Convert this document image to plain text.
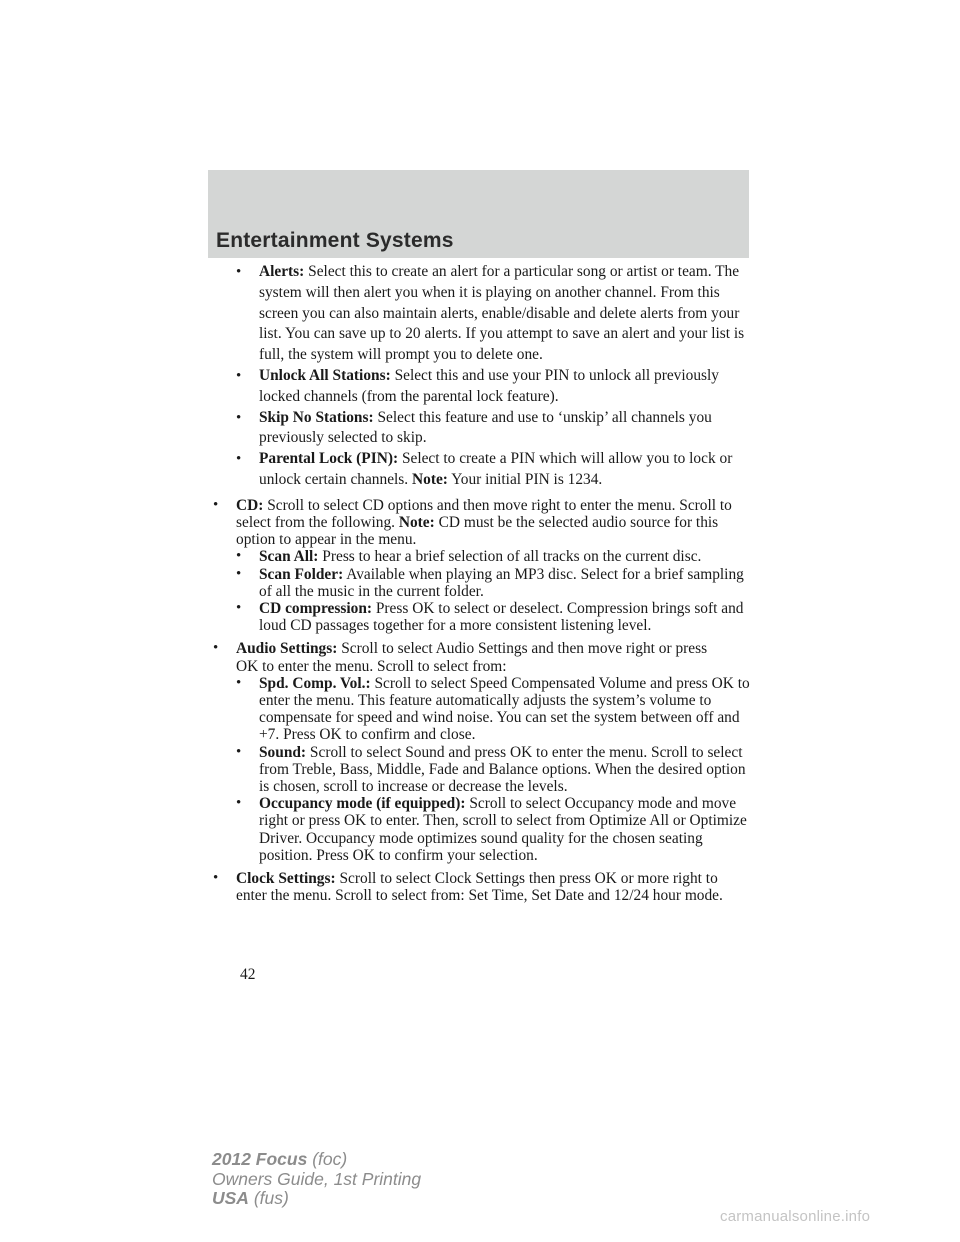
Entertainment Systems
• Alerts: Select this to create an alert for a particular song or artist or team. The system will then alert you when it is playing on another channel. From this screen you can also maintain alerts, enable/disable and delete alerts from your list. You can save up to 20 alerts. If you attempt to save an alert and your list is full, the system will prompt you to delete one.
• Unlock All Stations: Select this and use your PIN to unlock all previously locked channels (from the parental lock feature).
• Skip No Stations: Select this feature and use to ‘unskip’ all channels you previously selected to skip.
• Parental Lock (PIN): Select to create a PIN which will allow you to lock or unlock certain channels. Note: Your initial PIN is 1234.
• CD: Scroll to select CD options and then move right to enter the menu. Scroll to select from the following. Note: CD must be the selected audio source for this option to appear in the menu.
• Scan All: Press to hear a brief selection of all tracks on the current disc.
• Scan Folder: Available when playing an MP3 disc. Select for a brief sampling of all the music in the current folder.
• CD compression: Press OK to select or deselect. Compression brings soft and loud CD passages together for a more consistent listening level.
• Audio Settings: Scroll to select Audio Settings and then move right or press OK to enter the menu. Scroll to select from:
• Spd. Comp. Vol.: Scroll to select Speed Compensated Volume and press OK to enter the menu. This feature automatically adjusts the system’s volume to compensate for speed and wind noise. You can set the system between off and +7. Press OK to confirm and close.
• Sound: Scroll to select Sound and press OK to enter the menu. Scroll to select from Treble, Bass, Middle, Fade and Balance options. When the desired option is chosen, scroll to increase or decrease the levels.
• Occupancy mode (if equipped): Scroll to select Occupancy mode and move right or press OK to enter. Then, scroll to select from Optimize All or Optimize Driver. Occupancy mode optimizes sound quality for the chosen seating position. Press OK to confirm your selection.
• Clock Settings: Scroll to select Clock Settings then press OK or more right to enter the menu. Scroll to select from: Set Time, Set Date and 12/24 hour mode.

42

2012 Focus (foc)
Owners Guide, 1st Printing
USA (fus)
carmanualsonline.info
